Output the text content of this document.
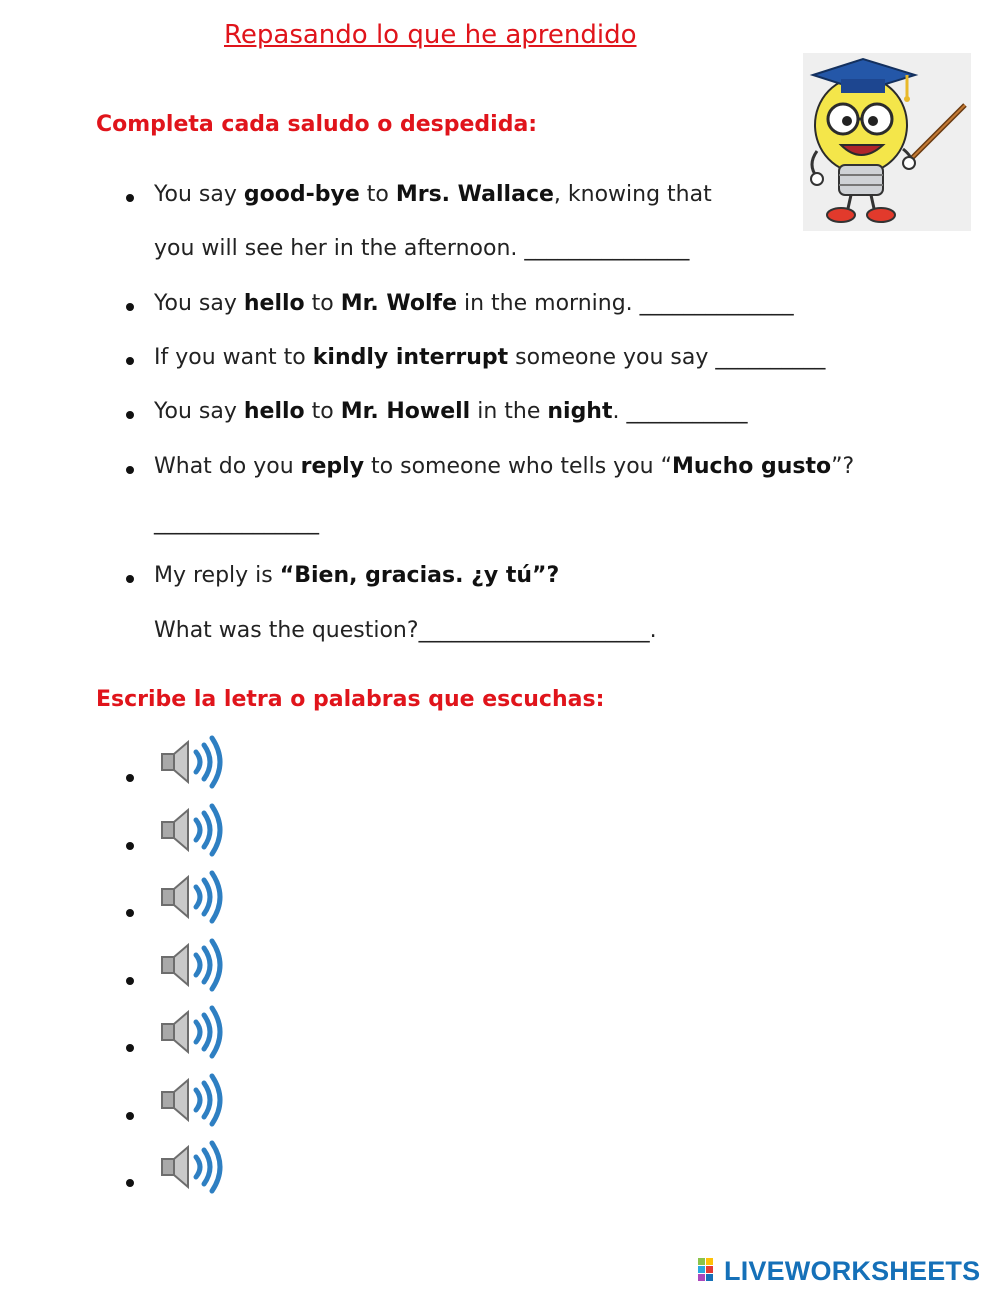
Repasando lo que he aprendido
Completa cada saludo o despedida:
You say good-bye to Mrs. Wallace, knowing that
you will see her in the afternoon. _______________
You say hello to Mr. Wolfe in the morning. ______________
If you want to kindly interrupt someone you say __________
You say hello to Mr. Howell in the night. ___________
What do you reply to someone who tells you “Mucho gusto”?
_______________
My reply is “Bien, gracias. ¿y tú”?
What was the question?_____________________.
Escribe la letra o palabras que escuchas:
LIVEWORKSHEETS
